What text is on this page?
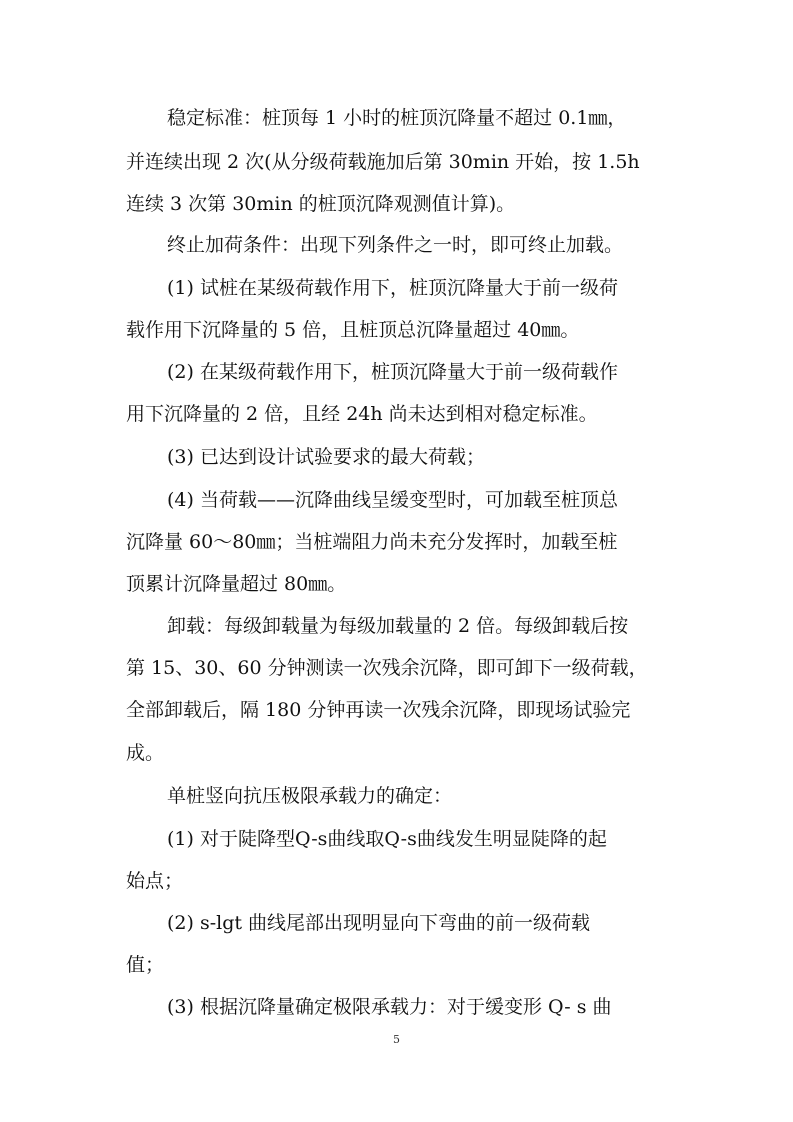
稳定标准：桩顶每 1 小时的桩顶沉降量不超过 0.1㎜，
并连续出现 2 次(从分级荷载施加后第 30min 开始，按 1.5h
连续 3 次第 30min 的桩顶沉降观测值计算)。
终止加荷条件：出现下列条件之一时，即可终止加载。
(1) 试桩在某级荷载作用下，桩顶沉降量大于前一级荷
载作用下沉降量的 5 倍，且桩顶总沉降量超过 40㎜。
(2) 在某级荷载作用下，桩顶沉降量大于前一级荷载作
用下沉降量的 2 倍，且经 24h 尚未达到相对稳定标准。
(3) 已达到设计试验要求的最大荷载；
(4) 当荷载——沉降曲线呈缓变型时，可加载至桩顶总
沉降量 60～80㎜；当桩端阻力尚未充分发挥时，加载至桩
顶累计沉降量超过 80㎜。
卸载：每级卸载量为每级加载量的 2 倍。每级卸载后按
第 15、30、60 分钟测读一次残余沉降，即可卸下一级荷载，
全部卸载后，隔 180 分钟再读一次残余沉降，即现场试验完
成。
单桩竖向抗压极限承载力的确定：
(1) 对于陡降型Q-s曲线取Q-s曲线发生明显陡降的起
始点；
(2) s-lgt 曲线尾部出现明显向下弯曲的前一级荷载
值；
(3) 根据沉降量确定极限承载力：对于缓变形 Q- s 曲
5
